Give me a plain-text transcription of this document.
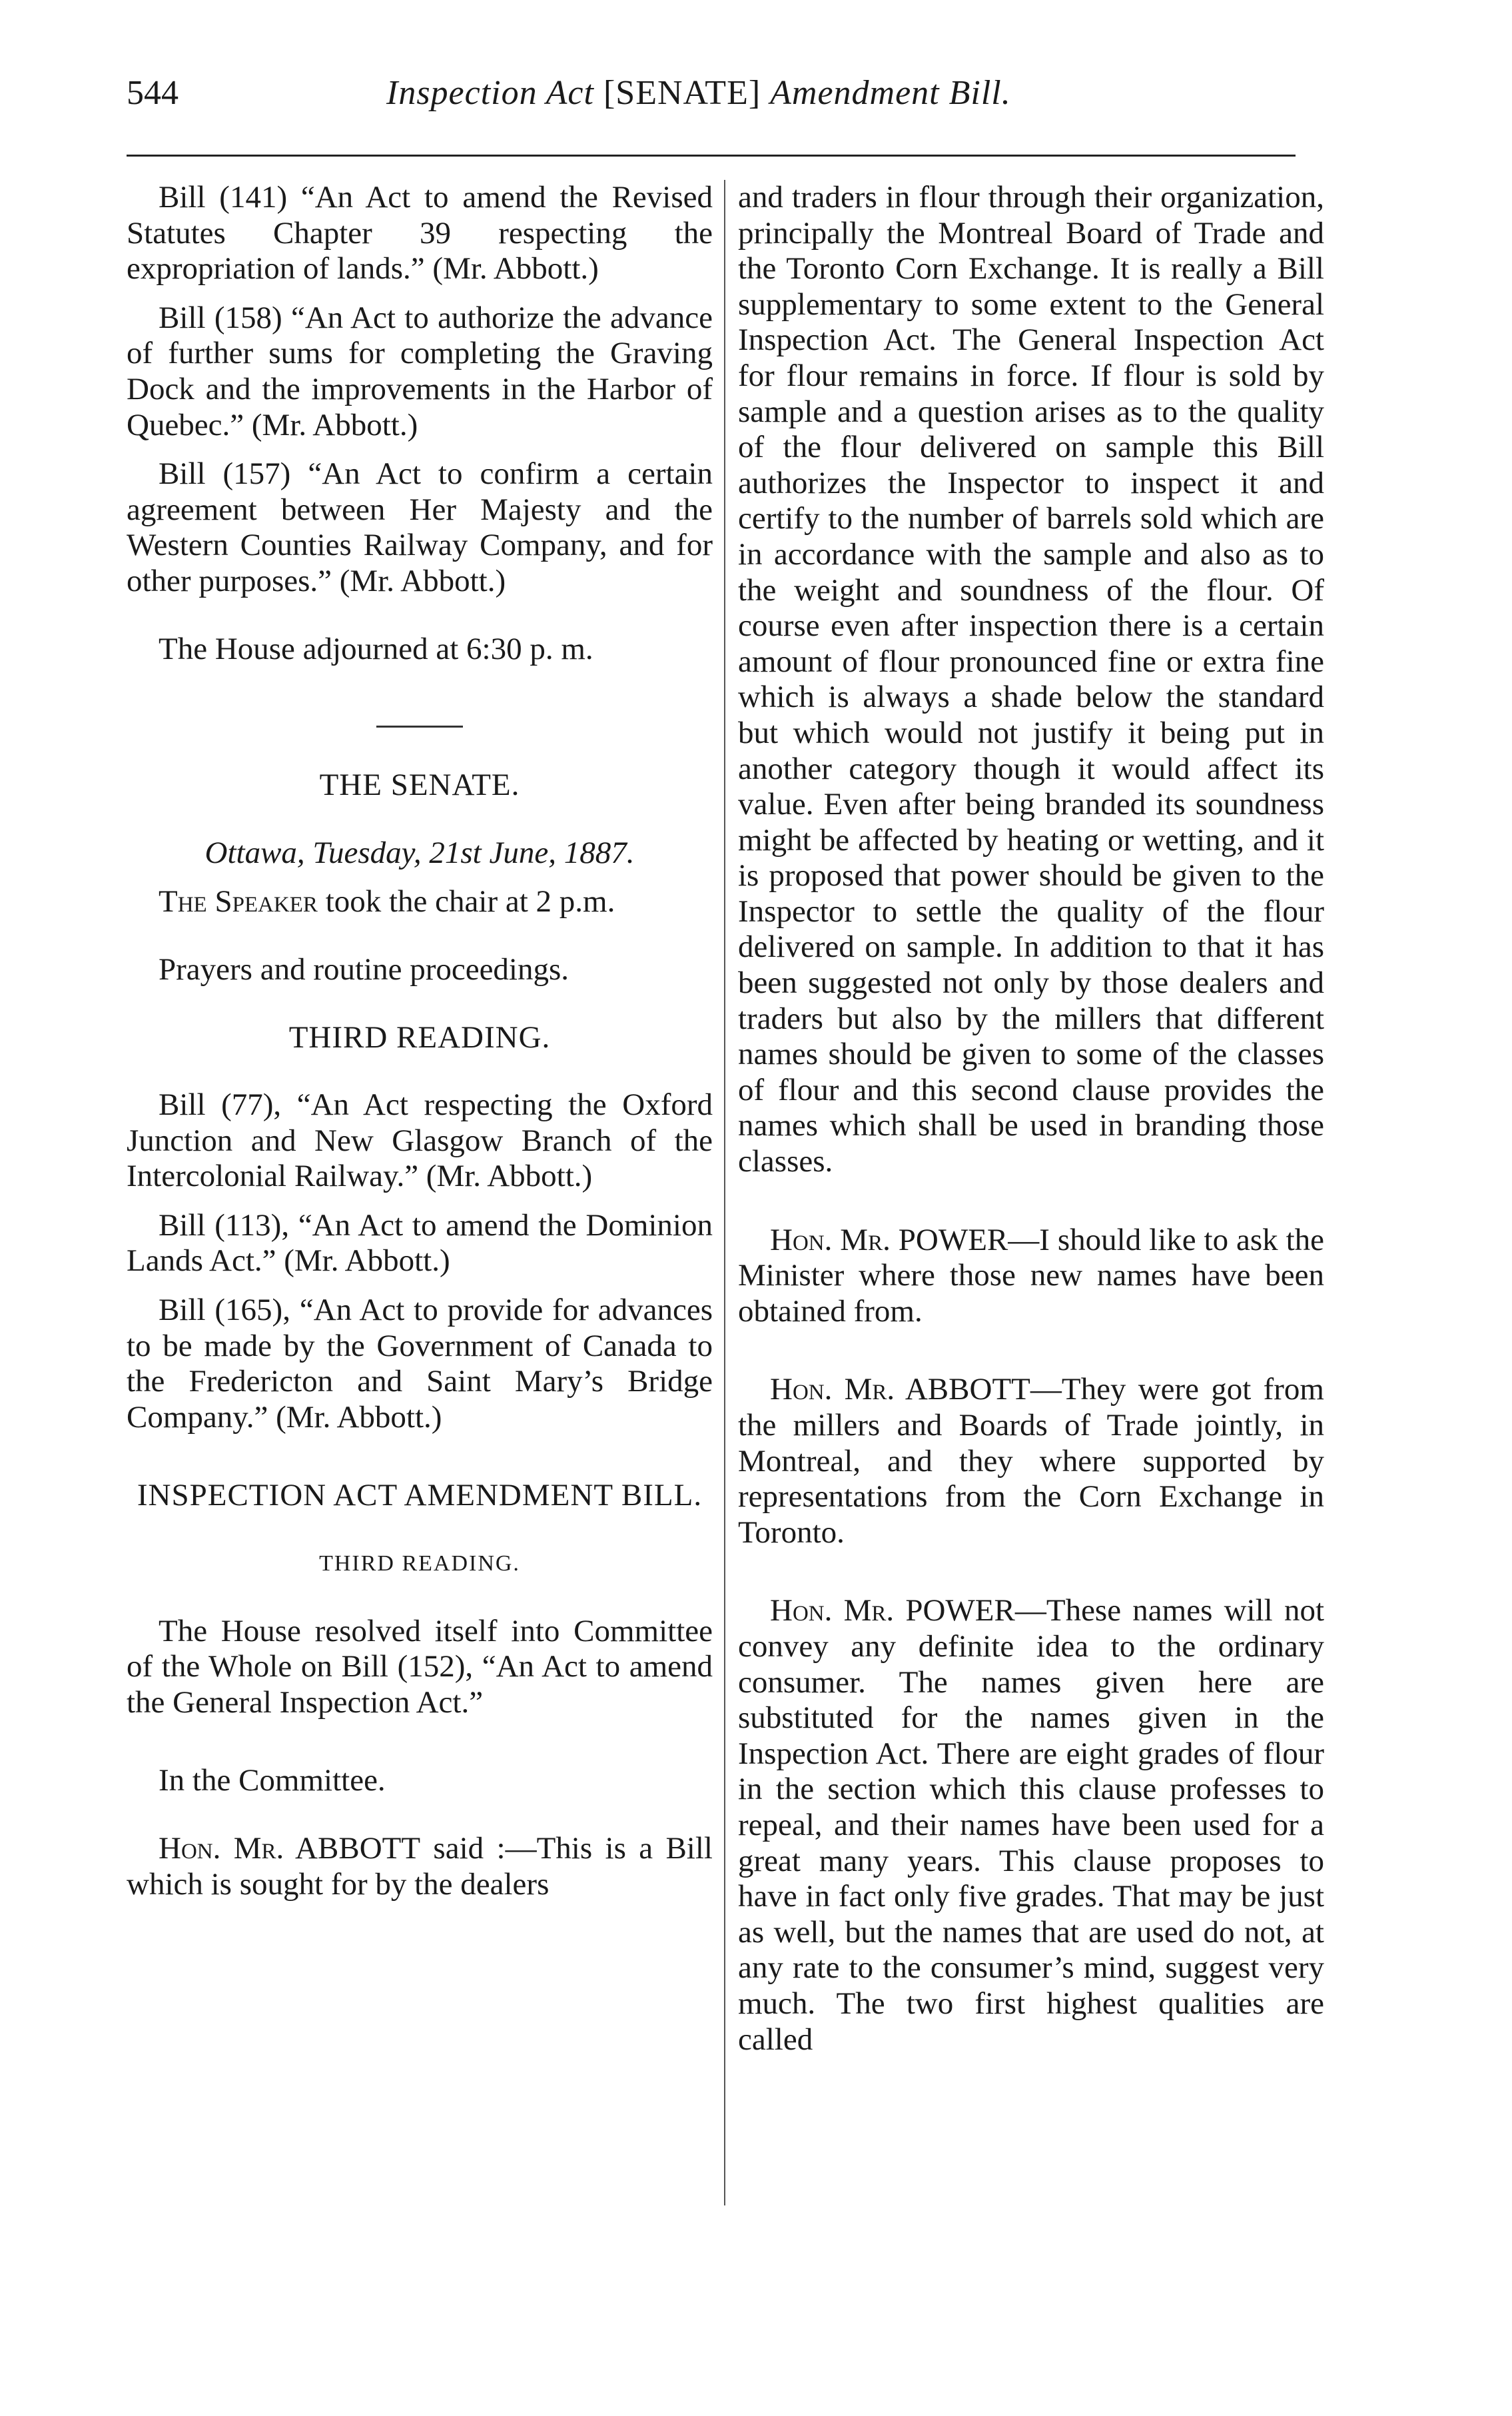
544	Inspection Act [SENATE] Amendment Bill.

Bill (141) “An Act to amend the Revised Statutes Chapter 39 respecting the expropriation of lands.” (Mr. Abbott.)

Bill (158) “An Act to authorize the advance of further sums for completing the Graving Dock and the improvements in the Harbor of Quebec.” (Mr. Abbott.)

Bill (157) “An Act to confirm a certain agreement between Her Majesty and the Western Counties Railway Company, and for other purposes.” (Mr. Abbott.)

The House adjourned at 6:30 p. m.

THE SENATE.

Ottawa, Tuesday, 21st June, 1887.

The Speaker took the chair at 2 p.m.

Prayers and routine proceedings.

THIRD READING.

Bill (77), “An Act respecting the Oxford Junction and New Glasgow Branch of the Intercolonial Railway.” (Mr. Abbott.)

Bill (113), “An Act to amend the Dominion Lands Act.” (Mr. Abbott.)

Bill (165), “An Act to provide for advances to be made by the Government of Canada to the Fredericton and Saint Mary’s Bridge Company.” (Mr. Abbott.)

INSPECTION ACT AMENDMENT BILL.

THIRD READING.

The House resolved itself into Committee of the Whole on Bill (152), “An Act to amend the General Inspection Act.”

In the Committee.

Hon. Mr. ABBOTT said :—This is a Bill which is sought for by the dealers

and traders in flour through their organization, principally the Montreal Board of Trade and the Toronto Corn Exchange. It is really a Bill supplementary to some extent to the General Inspection Act. The General Inspection Act for flour remains in force. If flour is sold by sample and a question arises as to the quality of the flour delivered on sample this Bill authorizes the Inspector to inspect it and certify to the number of barrels sold which are in accordance with the sample and also as to the weight and soundness of the flour. Of course even after inspection there is a certain amount of flour pronounced fine or extra fine which is always a shade below the standard but which would not justify it being put in another category though it would affect its value. Even after being branded its soundness might be affected by heating or wetting, and it is proposed that power should be given to the Inspector to settle the quality of the flour delivered on sample. In addition to that it has been suggested not only by those dealers and traders but also by the millers that different names should be given to some of the classes of flour and this second clause provides the names which shall be used in branding those classes.

Hon. Mr. POWER—I should like to ask the Minister where those new names have been obtained from.

Hon. Mr. ABBOTT—They were got from the millers and Boards of Trade jointly, in Montreal, and they where supported by representations from the Corn Exchange in Toronto.

Hon. Mr. POWER—These names will not convey any definite idea to the ordinary consumer. The names given here are substituted for the names given in the Inspection Act. There are eight grades of flour in the section which this clause professes to repeal, and their names have been used for a great many years. This clause proposes to have in fact only five grades. That may be just as well, but the names that are used do not, at any rate to the consumer’s mind, suggest very much. The two first highest qualities are called
